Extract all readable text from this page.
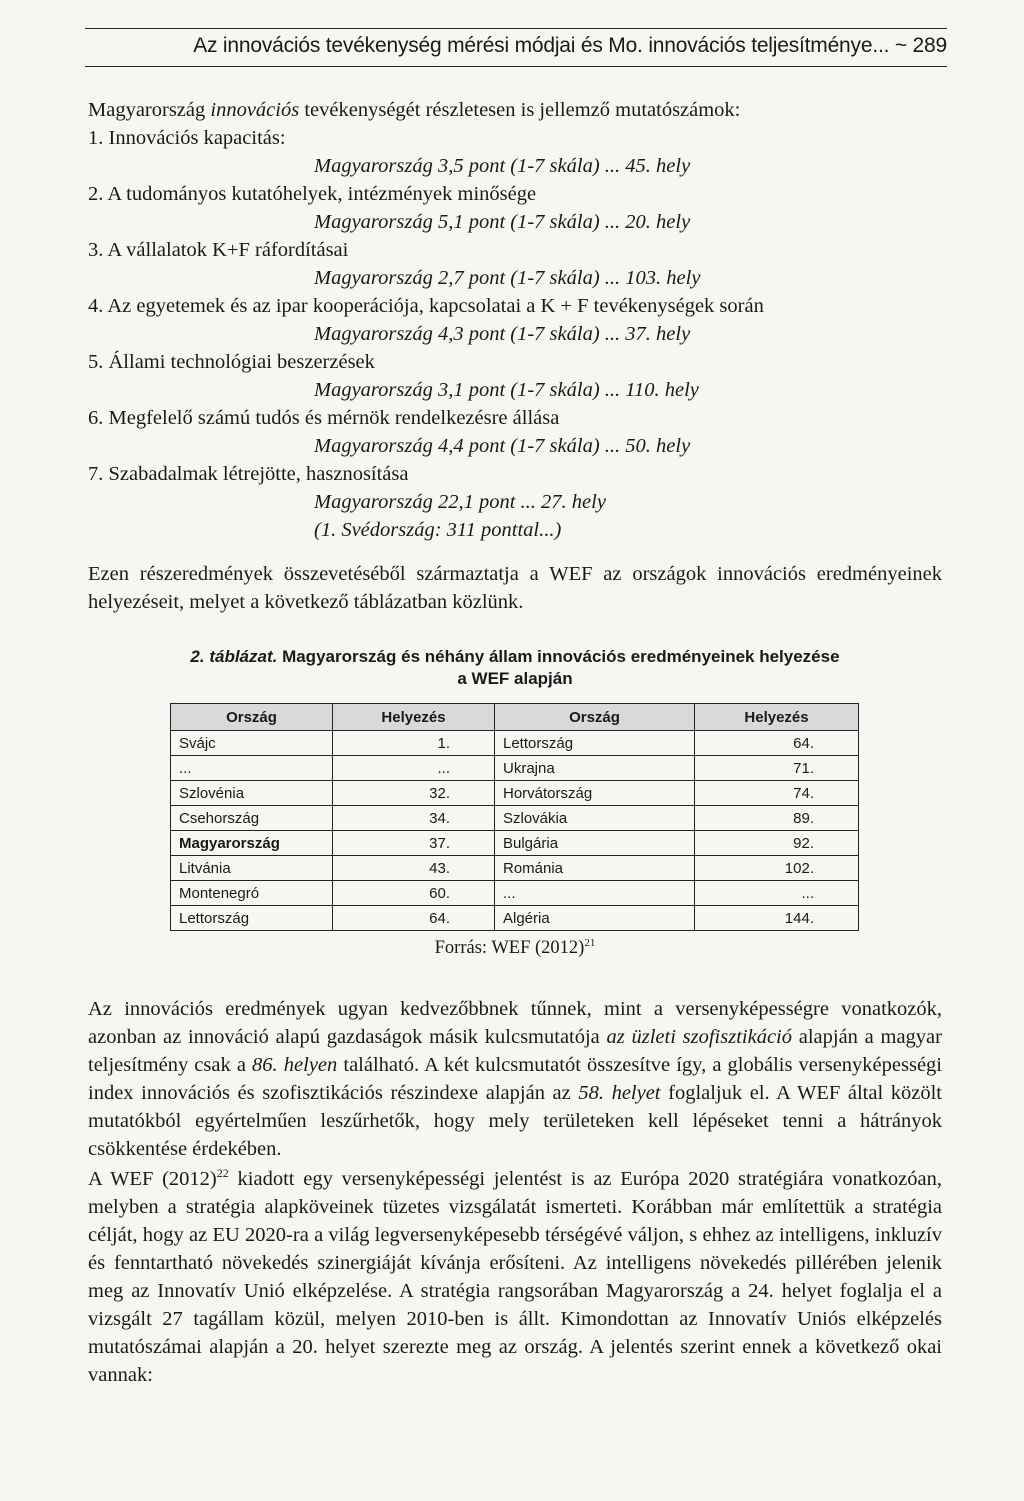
Az innovációs tevékenység mérési módjai és Mo. innovációs teljesítménye... ~ 289

Magyarország innovációs tevékenységét részletesen is jellemző mutatószámok:

1. Innovációs kapacitás:
Magyarország 3,5 pont (1-7 skála) ... 45. hely
2. A tudományos kutatóhelyek, intézmények minősége
Magyarország 5,1 pont (1-7 skála) ... 20. hely
3. A vállalatok K+F ráfordításai
Magyarország 2,7 pont (1-7 skála) ... 103. hely
4. Az egyetemek és az ipar kooperációja, kapcsolatai a K + F tevékenységek során
Magyarország 4,3 pont (1-7 skála) ... 37. hely
5. Állami technológiai beszerzések
Magyarország 3,1 pont (1-7 skála) ... 110. hely
6. Megfelelő számú tudós és mérnök rendelkezésre állása
Magyarország 4,4 pont (1-7 skála) ... 50. hely
7. Szabadalmak létrejötte, hasznosítása
Magyarország 22,1 pont ... 27. hely
(1. Svédország: 311 ponttal...)

Ezen részeredmények összevetéséből származtatja a WEF az országok innovációs eredményeinek helyezéseit, melyet a következő táblázatban közlünk.

2. táblázat. Magyarország és néhány állam innovációs eredményeinek helyezése
a WEF alapján
Ország	Helyezés	Ország	Helyezés
Svájc	1.	Lettország	64.
...	...	Ukrajna	71.
Szlovénia	32.	Horvátország	74.
Csehország	34.	Szlovákia	89.
Magyarország	37.	Bulgária	92.
Litvánia	43.	Románia	102.
Montenegró	60.	...	...
Lettország	64.	Algéria	144.
Forrás: WEF $(2012)^{21}$

Az innovációs eredmények ugyan kedvezőbbnek tűnnek, mint a versenyképességre vonatkozók, azonban az innováció alapú gazdaságok másik kulcsmutatója az üzleti szofisztikáció alapján a magyar teljesítmény csak a 86. helyen található. A két kulcsmutatót összesítve így, a globális versenyképességi index innovációs és szofisztikációs részindexe alapján az 58. helyet foglaljuk el. A WEF által közölt mutatókból egyértelműen leszűrhetők, hogy mely területeken kell lépéseket tenni a hátrányok csökkentése érdekében.

A WEF $(2012)^{22}$ kiadott egy versenyképességi jelentést is az Európa 2020 stratégiára vonatkozóan, melyben a stratégia alapköveinek tüzetes vizsgálatát ismerteti. Korábban már említettük a stratégia célját, hogy az EU 2020-ra a világ legversenyképesebb térségévé váljon, s ehhez az intelligens, inkluzív és fenntartható növekedés szinergiáját kívánja erősíteni. Az intelligens növekedés pillérében jelenik meg az Innovatív Unió elképzelése. A stratégia rangsorában Magyarország a 24. helyet foglalja el a vizsgált 27 tagállam közül, melyen 2010-ben is állt. Kimondottan az Innovatív Uniós elképzelés mutatószámai alapján a 20. helyet szerezte meg az ország. A jelentés szerint ennek a következő okai vannak:
